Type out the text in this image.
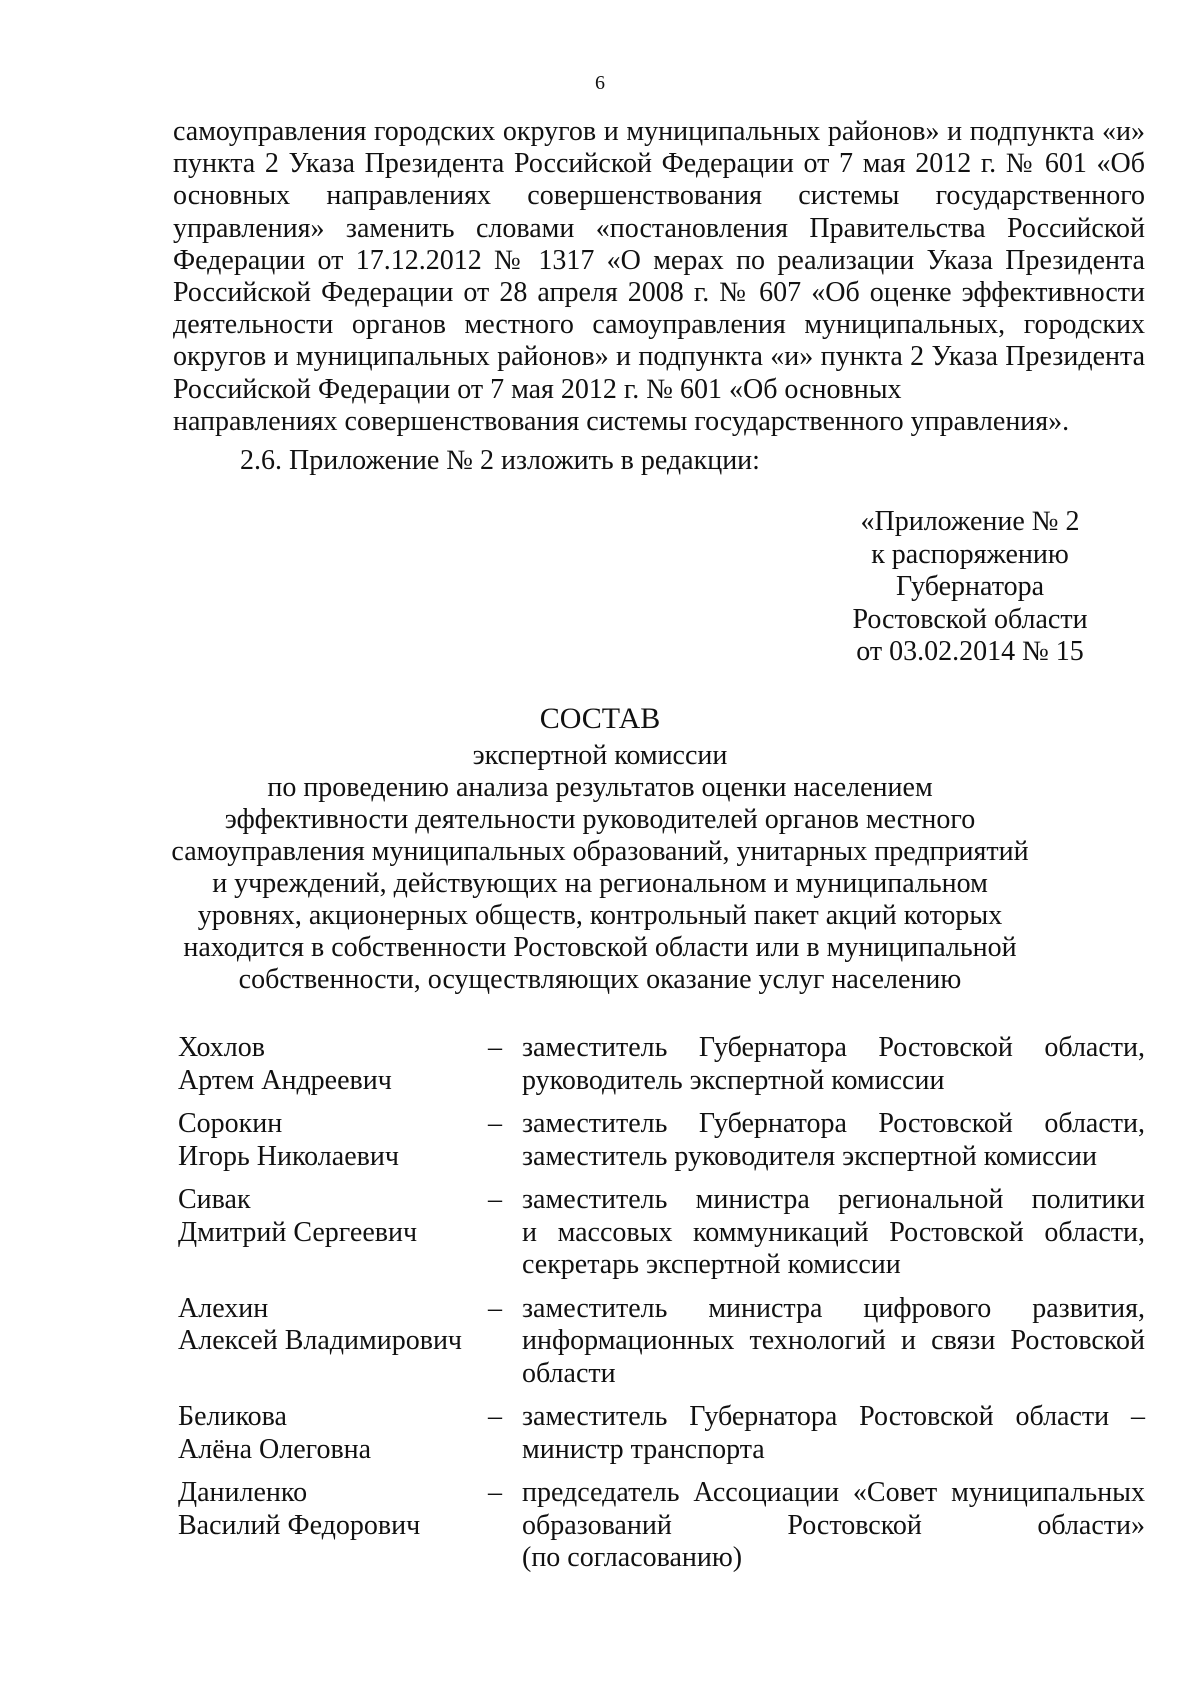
6
самоуправления городских округов и муниципальных районов» и подпункта «и» пункта 2 Указа Президента Российской Федерации от 7 мая 2012 г. № 601 «Об основных направлениях совершенствования системы государственного управления» заменить словами «постановления Правительства Российской Федерации от 17.12.2012 № 1317 «О мерах по реализации Указа Президента Российской Федерации от 28 апреля 2008 г. № 607 «Об оценке эффективности деятельности органов местного самоуправления муниципальных, городских округов и муниципальных районов» и подпункта «и» пункта 2 Указа Президента Российской Федерации от 7 мая 2012 г. № 601 «Об основных
направлениях совершенствования системы государственного управления».
2.6. Приложение № 2 изложить в редакции:
«Приложение № 2
к распоряжению
Губернатора
Ростовской области
от 03.02.2014 № 15
СОСТАВ
экспертной комиссии
по проведению анализа результатов оценки населением
эффективности деятельности руководителей органов местного
самоуправления муниципальных образований, унитарных предприятий
и учреждений, действующих на региональном и муниципальном
уровнях, акционерных обществ, контрольный пакет акций которых
находится в собственности Ростовской области или в муниципальной
собственности, осуществляющих оказание услуг населению
Хохлов
Артем Андреевич
– заместитель Губернатора Ростовской области,
руководитель экспертной комиссии
Сорокин
Игорь Николаевич
– заместитель Губернатора Ростовской области,
заместитель руководителя экспертной комиссии
Сивак
Дмитрий Сергеевич
– заместитель министра региональной политики
и массовых коммуникаций Ростовской области,
секретарь экспертной комиссии
Алехин
Алексей Владимирович
– заместитель министра цифрового развития,
информационных технологий и связи Ростовской
области
Беликова
Алёна Олеговна
– заместитель Губернатора Ростовской области –
министр транспорта
Даниленко
Василий Федорович
– председатель Ассоциации «Совет муниципальных
образований Ростовской области»
(по согласованию)
